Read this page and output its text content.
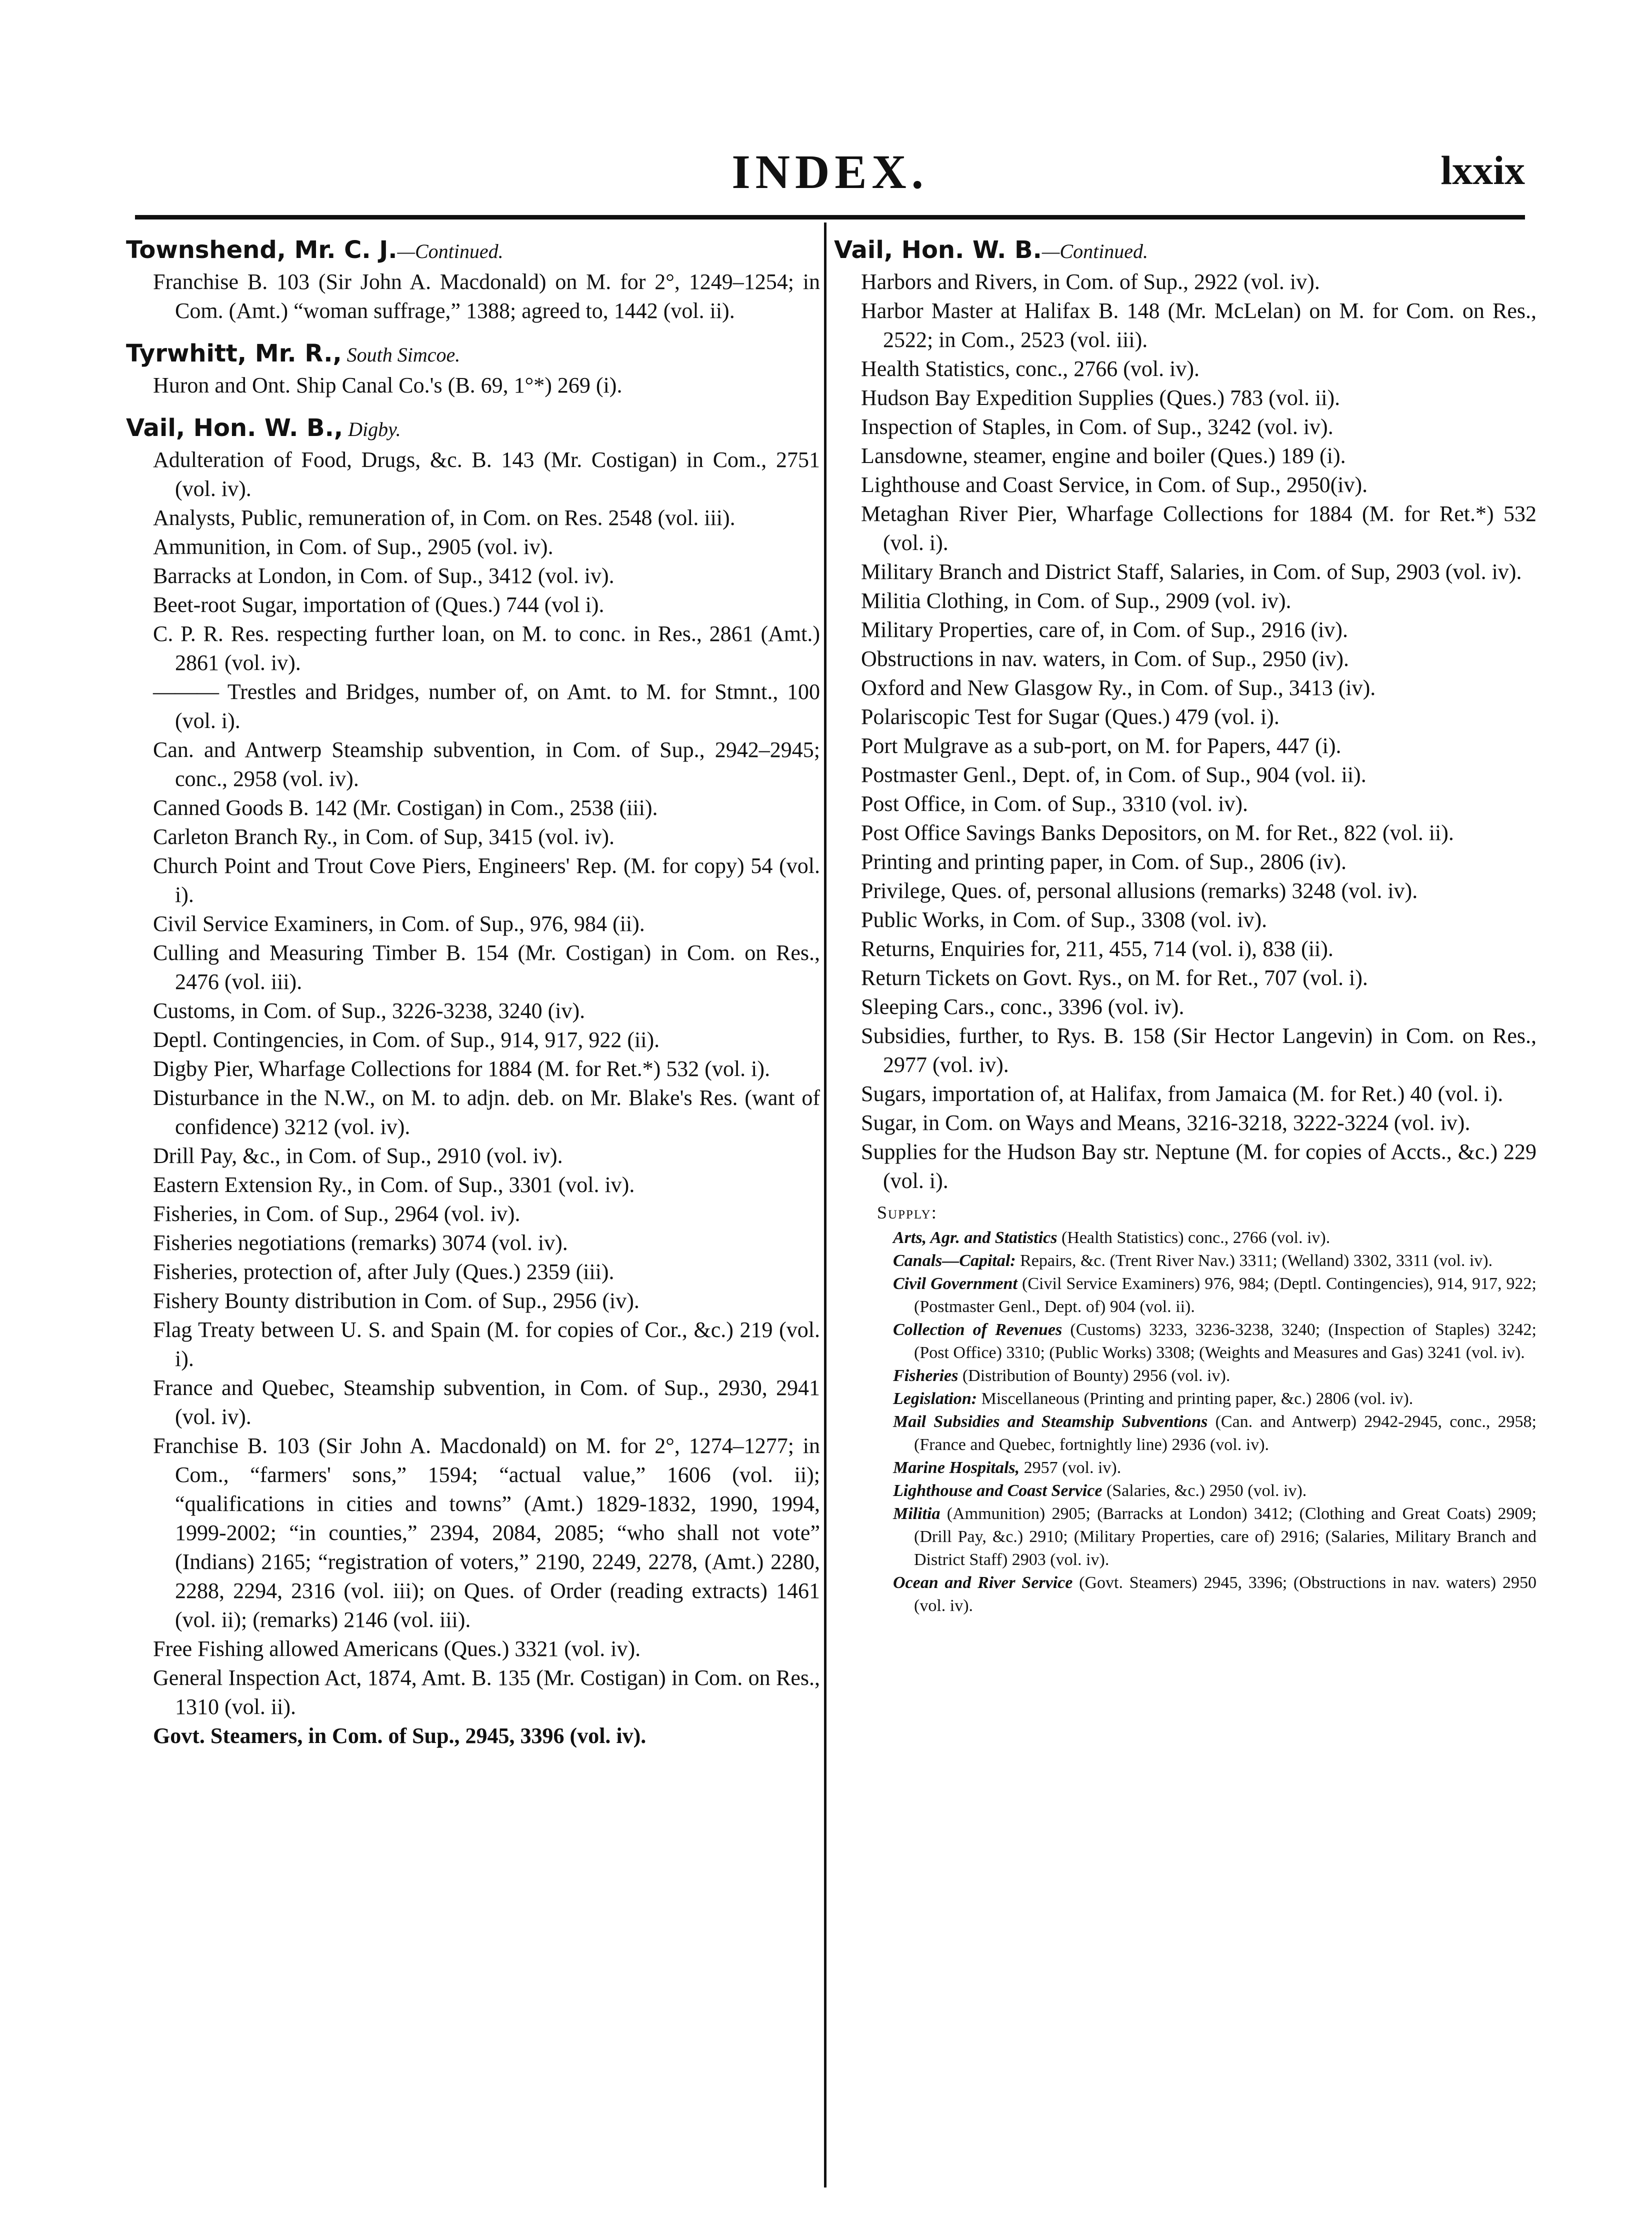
INDEX.	lxxix
Townshend, Mr. C. J.—Continued.
Franchise B. 103 (Sir John A. Macdonald) on M. for 2°, 1249–1254; in Com. (Amt.) “woman suffrage,” 1388; agreed to, 1442 (vol. ii).
Tyrwhitt, Mr. R., South Simcoe.
Huron and Ont. Ship Canal Co.'s (B. 69, 1°*) 269 (i).
Vail, Hon. W. B., Digby.
Adulteration of Food, Drugs, &c. B. 143 (Mr. Costigan) in Com., 2751 (vol. iv).
Analysts, Public, remuneration of, in Com. on Res. 2548 (vol. iii).
Ammunition, in Com. of Sup., 2905 (vol. iv).
Barracks at London, in Com. of Sup., 3412 (vol. iv).
Beet-root Sugar, importation of (Ques.) 744 (vol i).
C. P. R. Res. respecting further loan, on M. to conc. in Res., 2861 (Amt.) 2861 (vol. iv).
——— Trestles and Bridges, number of, on Amt. to M. for Stmnt., 100 (vol. i).
Can. and Antwerp Steamship subvention, in Com. of Sup., 2942–2945; conc., 2958 (vol. iv).
Canned Goods B. 142 (Mr. Costigan) in Com., 2538 (iii).
Carleton Branch Ry., in Com. of Sup, 3415 (vol. iv).
Church Point and Trout Cove Piers, Engineers' Rep. (M. for copy) 54 (vol. i).
Civil Service Examiners, in Com. of Sup., 976, 984 (ii).
Culling and Measuring Timber B. 154 (Mr. Costigan) in Com. on Res., 2476 (vol. iii).
Customs, in Com. of Sup., 3226-3238, 3240 (iv).
Deptl. Contingencies, in Com. of Sup., 914, 917, 922 (ii).
Digby Pier, Wharfage Collections for 1884 (M. for Ret.*) 532 (vol. i).
Disturbance in the N.W., on M. to adjn. deb. on Mr. Blake's Res. (want of confidence) 3212 (vol. iv).
Drill Pay, &c., in Com. of Sup., 2910 (vol. iv).
Eastern Extension Ry., in Com. of Sup., 3301 (vol. iv).
Fisheries, in Com. of Sup., 2964 (vol. iv).
Fisheries negotiations (remarks) 3074 (vol. iv).
Fisheries, protection of, after July (Ques.) 2359 (iii).
Fishery Bounty distribution in Com. of Sup., 2956 (iv).
Flag Treaty between U. S. and Spain (M. for copies of Cor., &c.) 219 (vol. i).
France and Quebec, Steamship subvention, in Com. of Sup., 2930, 2941 (vol. iv).
Franchise B. 103 (Sir John A. Macdonald) on M. for 2°, 1274–1277; in Com., “farmers' sons,” 1594; “actual value,” 1606 (vol. ii); “qualifications in cities and towns” (Amt.) 1829-1832, 1990, 1994, 1999-2002; “in counties,” 2394, 2084, 2085; “who shall not vote” (Indians) 2165; “registration of voters,” 2190, 2249, 2278, (Amt.) 2280, 2288, 2294, 2316 (vol. iii); on Ques. of Order (reading extracts) 1461 (vol. ii); (remarks) 2146 (vol. iii).
Free Fishing allowed Americans (Ques.) 3321 (vol. iv).
General Inspection Act, 1874, Amt. B. 135 (Mr. Costigan) in Com. on Res., 1310 (vol. ii).
Govt. Steamers, in Com. of Sup., 2945, 3396 (vol. iv).
Vail, Hon. W. B.—Continued.
Harbors and Rivers, in Com. of Sup., 2922 (vol. iv).
Harbor Master at Halifax B. 148 (Mr. McLelan) on M. for Com. on Res., 2522; in Com., 2523 (vol. iii).
Health Statistics, conc., 2766 (vol. iv).
Hudson Bay Expedition Supplies (Ques.) 783 (vol. ii).
Inspection of Staples, in Com. of Sup., 3242 (vol. iv).
Lansdowne, steamer, engine and boiler (Ques.) 189 (i).
Lighthouse and Coast Service, in Com. of Sup., 2950(iv).
Metaghan River Pier, Wharfage Collections for 1884 (M. for Ret.*) 532 (vol. i).
Military Branch and District Staff, Salaries, in Com. of Sup, 2903 (vol. iv).
Militia Clothing, in Com. of Sup., 2909 (vol. iv).
Military Properties, care of, in Com. of Sup., 2916 (iv).
Obstructions in nav. waters, in Com. of Sup., 2950 (iv).
Oxford and New Glasgow Ry., in Com. of Sup., 3413 (iv).
Polariscopic Test for Sugar (Ques.) 479 (vol. i).
Port Mulgrave as a sub-port, on M. for Papers, 447 (i).
Postmaster Genl., Dept. of, in Com. of Sup., 904 (vol. ii).
Post Office, in Com. of Sup., 3310 (vol. iv).
Post Office Savings Banks Depositors, on M. for Ret., 822 (vol. ii).
Printing and printing paper, in Com. of Sup., 2806 (iv).
Privilege, Ques. of, personal allusions (remarks) 3248 (vol. iv).
Public Works, in Com. of Sup., 3308 (vol. iv).
Returns, Enquiries for, 211, 455, 714 (vol. i), 838 (ii).
Return Tickets on Govt. Rys., on M. for Ret., 707 (vol. i).
Sleeping Cars., conc., 3396 (vol. iv).
Subsidies, further, to Rys. B. 158 (Sir Hector Langevin) in Com. on Res., 2977 (vol. iv).
Sugars, importation of, at Halifax, from Jamaica (M. for Ret.) 40 (vol. i).
Sugar, in Com. on Ways and Means, 3216-3218, 3222-3224 (vol. iv).
Supplies for the Hudson Bay str. Neptune (M. for copies of Accts., &c.) 229 (vol. i).
Supply:
Arts, Agr. and Statistics (Health Statistics) conc., 2766 (vol. iv).
Canals—Capital: Repairs, &c. (Trent River Nav.) 3311; (Welland) 3302, 3311 (vol. iv).
Civil Government (Civil Service Examiners) 976, 984; (Deptl. Contingencies), 914, 917, 922; (Postmaster Genl., Dept. of) 904 (vol. ii).
Collection of Revenues (Customs) 3233, 3236-3238, 3240; (Inspection of Staples) 3242; (Post Office) 3310; (Public Works) 3308; (Weights and Measures and Gas) 3241 (vol. iv).
Fisheries (Distribution of Bounty) 2956 (vol. iv).
Legislation: Miscellaneous (Printing and printing paper, &c.) 2806 (vol. iv).
Mail Subsidies and Steamship Subventions (Can. and Antwerp) 2942-2945, conc., 2958; (France and Quebec, fortnightly line) 2936 (vol. iv).
Marine Hospitals, 2957 (vol. iv).
Lighthouse and Coast Service (Salaries, &c.) 2950 (vol. iv).
Militia (Ammunition) 2905; (Barracks at London) 3412; (Clothing and Great Coats) 2909; (Drill Pay, &c.) 2910; (Military Properties, care of) 2916; (Salaries, Military Branch and District Staff) 2903 (vol. iv).
Ocean and River Service (Govt. Steamers) 2945, 3396; (Obstructions in nav. waters) 2950 (vol. iv).
